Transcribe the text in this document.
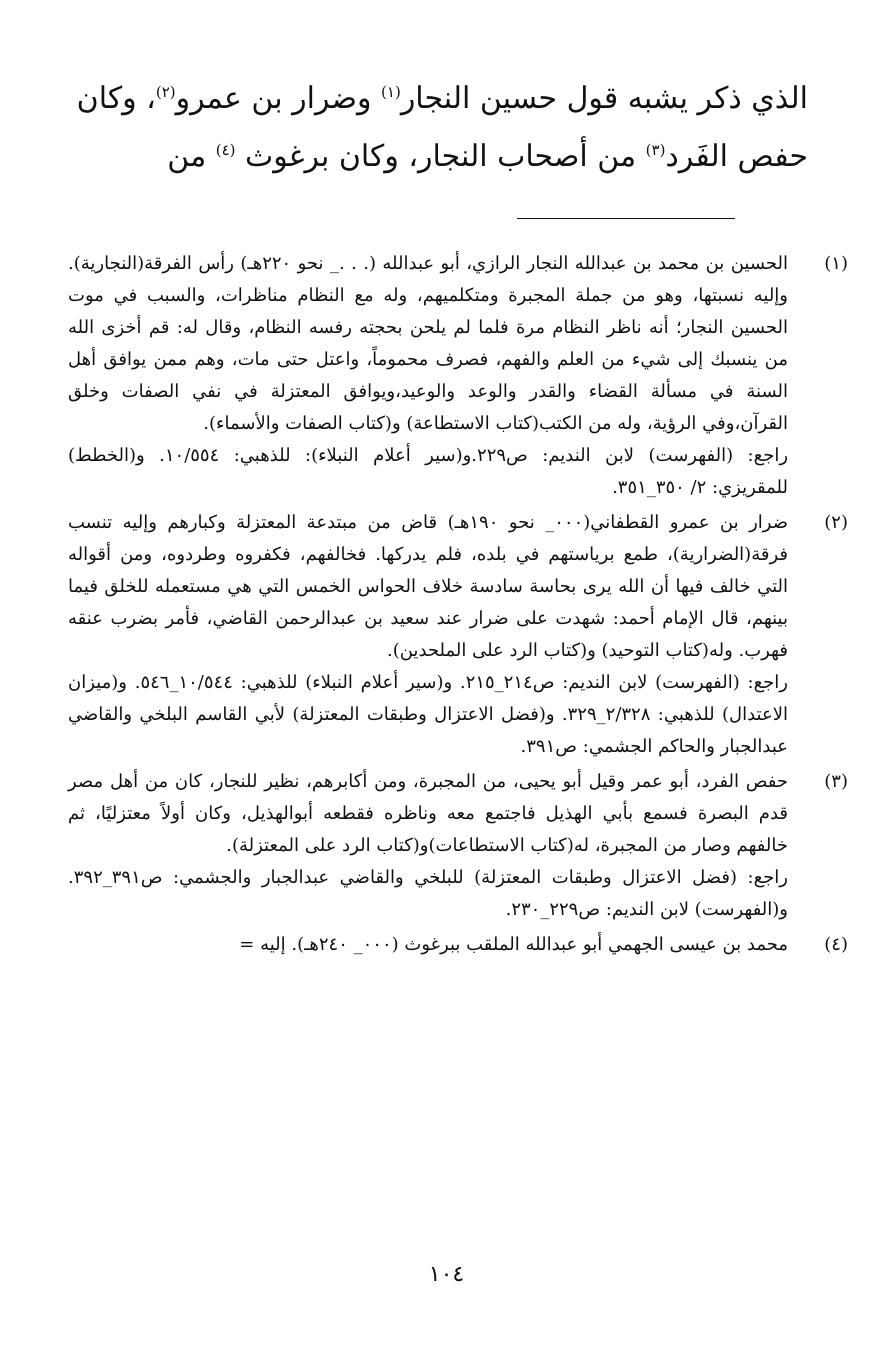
الذي ذكر يشبه قول حسين النجار$^{(١)}$ وضرار بن عمرو$^{(٢)}$، وكان
حفص الفَرد$^{(٣)}$ من أصحاب النجار، وكان برغوث $^{(٤)}$ من
(١)
الحسين بن محمد بن عبدالله النجار الرازي، أبو عبدالله (. . ._ نحو ٢٢٠هـ) رأس الفرقة(النجارية). وإليه نسبتها، وهو من جملة المجبرة ومتكلميهم، وله مع النظام مناظرات، والسبب في موت الحسين النجار؛ أنه ناظر النظام مرة فلما لم يلحن بحجته رفسه النظام، وقال له: قم أخزى الله من ينسبك إلى شيء من العلم والفهم، فصرف محموماً، واعتل حتى مات، وهم ممن يوافق أهل السنة في مسألة القضاء والقدر والوعد والوعيد،ويوافق المعتزلة في نفي الصفات وخلق القرآن،وفي الرؤية، وله من الكتب(كتاب الاستطاعة) و(كتاب الصفات والأسماء).
راجع: (الفهرست) لابن النديم: ص٢٢٩.و(سير أعلام النبلاء): للذهبي: ١٠/٥٥٤. و(الخطط) للمقريزي: ٢/ ٣٥٠_٣٥١.
(٢)
ضرار بن عمرو القطفاني(٠٠٠_ نحو ١٩٠هـ) قاض من مبتدعة المعتزلة وكبارهم وإليه تنسب فرقة(الضرارية)، طمع برياستهم في بلده، فلم يدركها. فخالفهم، فكفروه وطردوه، ومن أقواله التي خالف فيها أن الله يرى بحاسة سادسة خلاف الحواس الخمس التي هي مستعمله للخلق فيما بينهم، قال الإمام أحمد: شهدت على ضرار عند سعيد بن عبدالرحمن القاضي، فأمر بضرب عنقه فهرب. وله(كتاب التوحيد) و(كتاب الرد على الملحدين).
راجع: (الفهرست) لابن النديم: ص٢١٤_٢١٥. و(سير أعلام النبلاء) للذهبي: ١٠/٥٤٤_٥٤٦. و(ميزان الاعتدال) للذهبي: ٢/٣٢٨_٣٢٩. و(فضل الاعتزال وطبقات المعتزلة) لأبي القاسم البلخي والقاضي عبدالجبار والحاكم الجشمي: ص٣٩١.
(٣)
حفص الفرد، أبو عمر وقيل أبو يحيى، من المجبرة، ومن أكابرهم، نظير للنجار، كان من أهل مصر قدم البصرة فسمع بأبي الهذيل فاجتمع معه وناظره فقطعه أبوالهذيل، وكان أولاً معتزليًا، ثم خالفهم وصار من المجبرة، له(كتاب الاستطاعات)و(كتاب الرد على المعتزلة).
راجع: (فضل الاعتزال وطبقات المعتزلة) للبلخي والقاضي عبدالجبار والجشمي: ص٣٩١_٣٩٢. و(الفهرست) لابن النديم: ص٢٢٩_٢٣٠.
(٤)
محمد بن عيسى الجهمي أبو عبدالله الملقب ببرغوث (٠٠٠_ ٢٤٠هـ). إليه =
١٠٤
